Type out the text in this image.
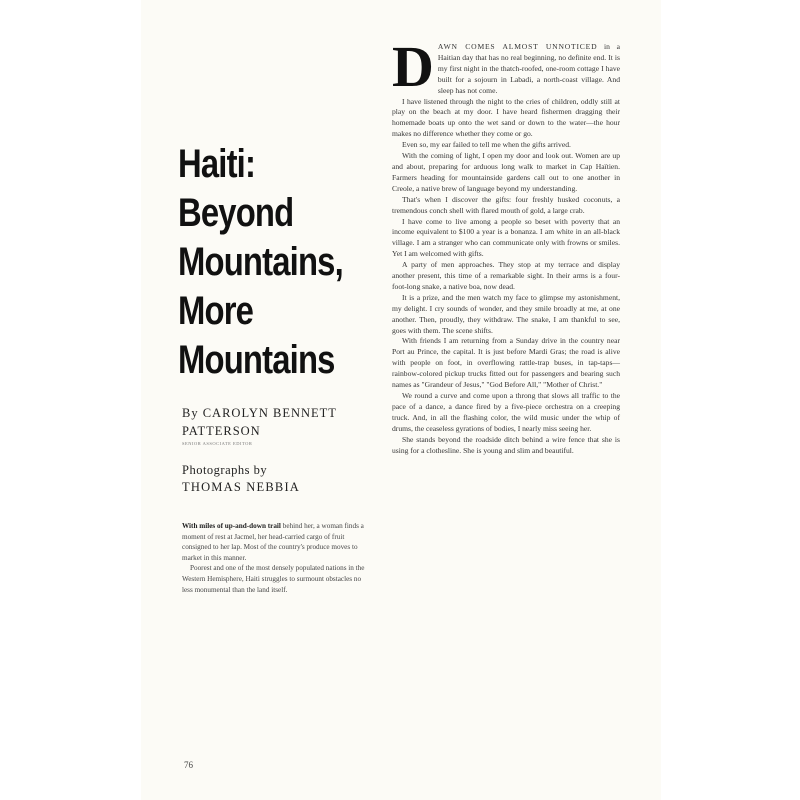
Haiti: Beyond
Mountains,
More
Mountains
By CAROLYN BENNETT PATTERSON
SENIOR ASSOCIATE EDITOR
Photographs by
THOMAS NEBBIA

With miles of up-and-down trail behind her, a woman finds a moment of rest at Jacmel, her head-carried cargo of fruit consigned to her lap. Most of the country's produce moves to market in this manner.

Poorest and one of the most densely populated nations in the Western Hemisphere, Haiti struggles to surmount obstacles no less monumental than the land itself.

DAWN COMES ALMOST UNNOTICED in a Haitian day that has no real beginning, no definite end. It is my first night in the thatch-roofed, one-room cottage I have built for a sojourn in Labadi, a north-coast village. And sleep has not come.

I have listened through the night to the cries of children, oddly still at play on the beach at my door. I have heard fishermen dragging their homemade boats up onto the wet sand or down to the water—the hour makes no difference whether they come or go.

Even so, my ear failed to tell me when the gifts arrived.

With the coming of light, I open my door and look out. Women are up and about, preparing for arduous long walk to market in Cap Haïtien. Farmers heading for mountainside gardens call out to one another in Creole, a native brew of language beyond my understanding.

That's when I discover the gifts: four freshly husked coconuts, a tremendous conch shell with flared mouth of gold, a large crab.

I have come to live among a people so beset with poverty that an income equivalent to $100 a year is a bonanza. I am white in an all-black village. I am a stranger who can communicate only with frowns or smiles. Yet I am welcomed with gifts.

A party of men approaches. They stop at my terrace and display another present, this time of a remarkable sight. In their arms is a four-foot-long snake, a native boa, now dead.

It is a prize, and the men watch my face to glimpse my astonishment, my delight. I cry sounds of wonder, and they smile broadly at me, at one another. Then, proudly, they withdraw. The snake, I am thankful to see, goes with them. The scene shifts.

With friends I am returning from a Sunday drive in the country near Port au Prince, the capital. It is just before Mardi Gras; the road is alive with people on foot, in overflowing rattle-trap buses, in tap-taps—rainbow-colored pickup trucks fitted out for passengers and bearing such names as "Grandeur of Jesus," "God Before All," "Mother of Christ."

We round a curve and come upon a throng that slows all traffic to the pace of a dance, a dance fired by a five-piece orchestra on a creeping truck. And, in all the flashing color, the wild music under the whip of drums, the ceaseless gyrations of bodies, I nearly miss seeing her.

She stands beyond the roadside ditch behind a wire fence that she is using for a clothesline. She is young and slim and beautiful.

76
